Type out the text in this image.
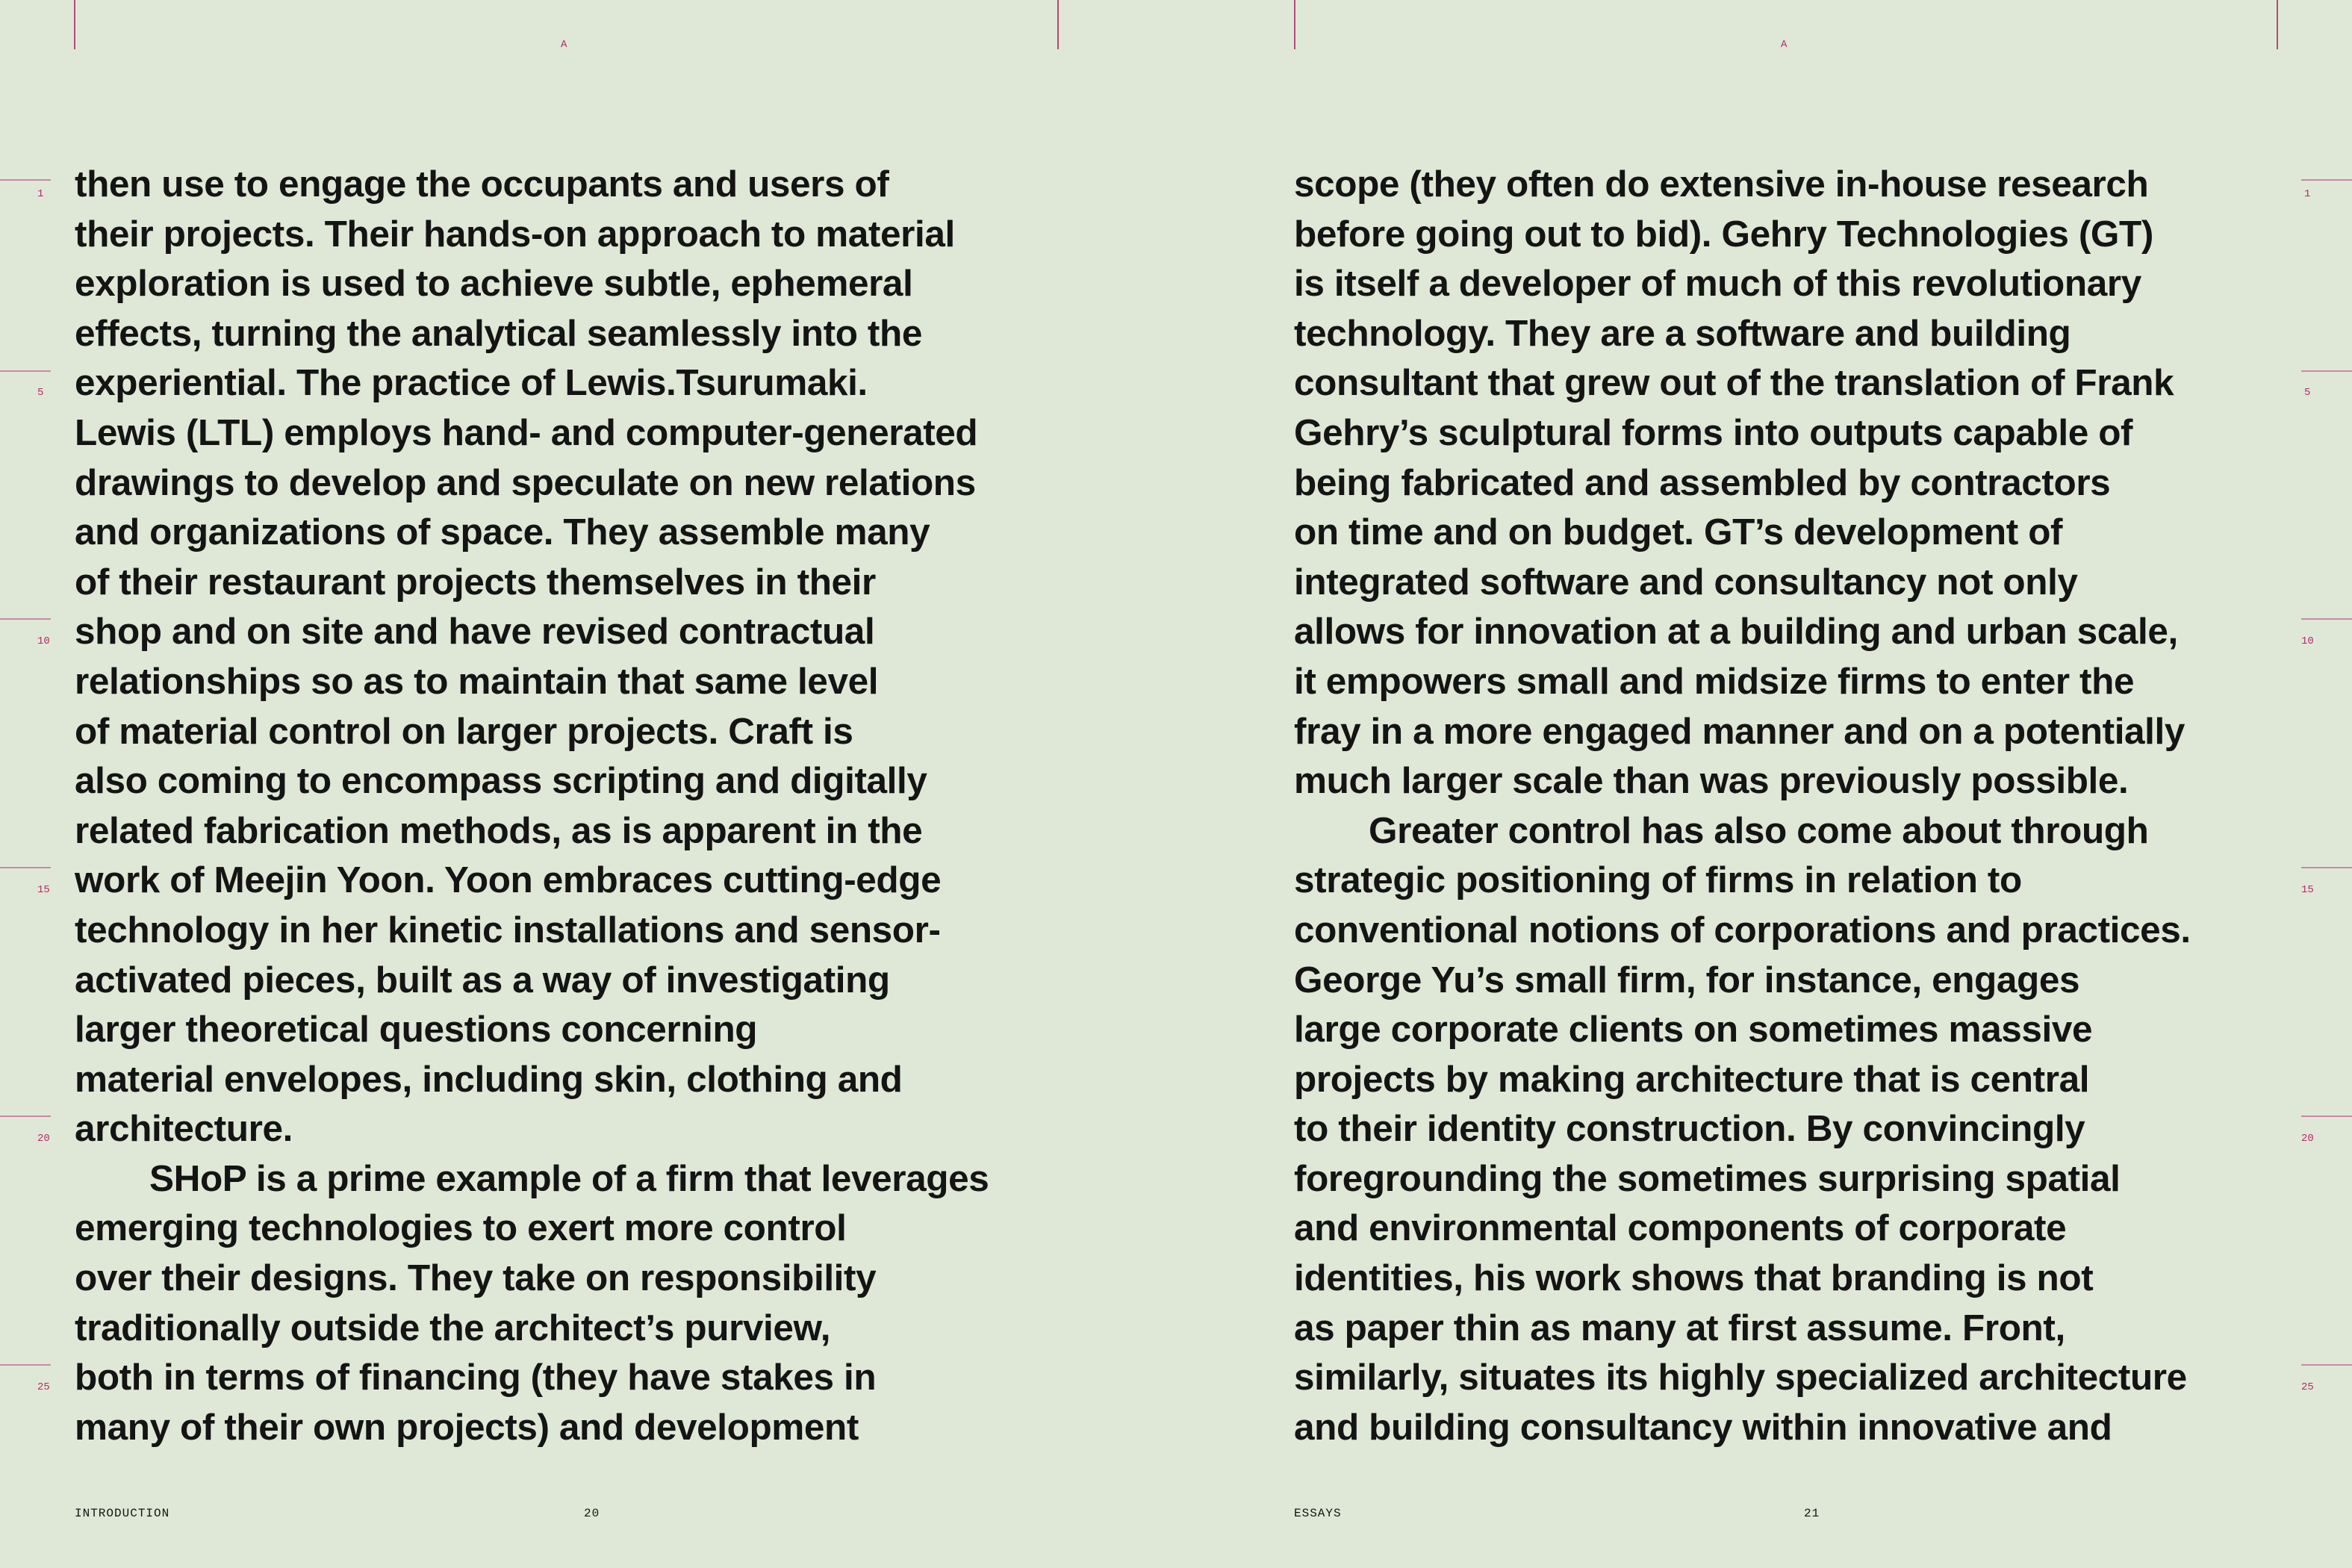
A	A
1
5
10
15
20
25
1
5
10
15
20
25
then use to engage the occupants and users of
their projects. Their hands-on approach to material
exploration is used to achieve subtle, ephemeral
effects, turning the analytical seamlessly into the
experiential. The practice of Lewis.Tsurumaki.
Lewis (LTL) employs hand- and computer-generated
drawings to develop and speculate on new relations
and organizations of space. They assemble many
of their restaurant projects themselves in their
shop and on site and have revised contractual
relationships so as to maintain that same level
of material control on larger projects. Craft is
also coming to encompass scripting and digitally
related fabrication methods, as is apparent in the
work of Meejin Yoon. Yoon embraces cutting-edge
technology in her kinetic installations and sensor-
activated pieces, built as a way of investigating
larger theoretical questions concerning
material envelopes, including skin, clothing and
architecture.
SHoP is a prime example of a firm that leverages
emerging technologies to exert more control
over their designs. They take on responsibility
traditionally outside the architect’s purview,
both in terms of financing (they have stakes in
many of their own projects) and development
scope (they often do extensive in-house research
before going out to bid). Gehry Technologies (GT)
is itself a developer of much of this revolutionary
technology. They are a software and building
consultant that grew out of the translation of Frank
Gehry’s sculptural forms into outputs capable of
being fabricated and assembled by contractors
on time and on budget. GT’s development of
integrated software and consultancy not only
allows for innovation at a building and urban scale,
it empowers small and midsize firms to enter the
fray in a more engaged manner and on a potentially
much larger scale than was previously possible.
Greater control has also come about through
strategic positioning of firms in relation to
conventional notions of corporations and practices.
George Yu’s small firm, for instance, engages
large corporate clients on sometimes massive
projects by making architecture that is central
to their identity construction. By convincingly
foregrounding the sometimes surprising spatial
and environmental components of corporate
identities, his work shows that branding is not
as paper thin as many at first assume. Front,
similarly, situates its highly specialized architecture
and building consultancy within innovative and
INTRODUCTION	20	ESSAYS	21
